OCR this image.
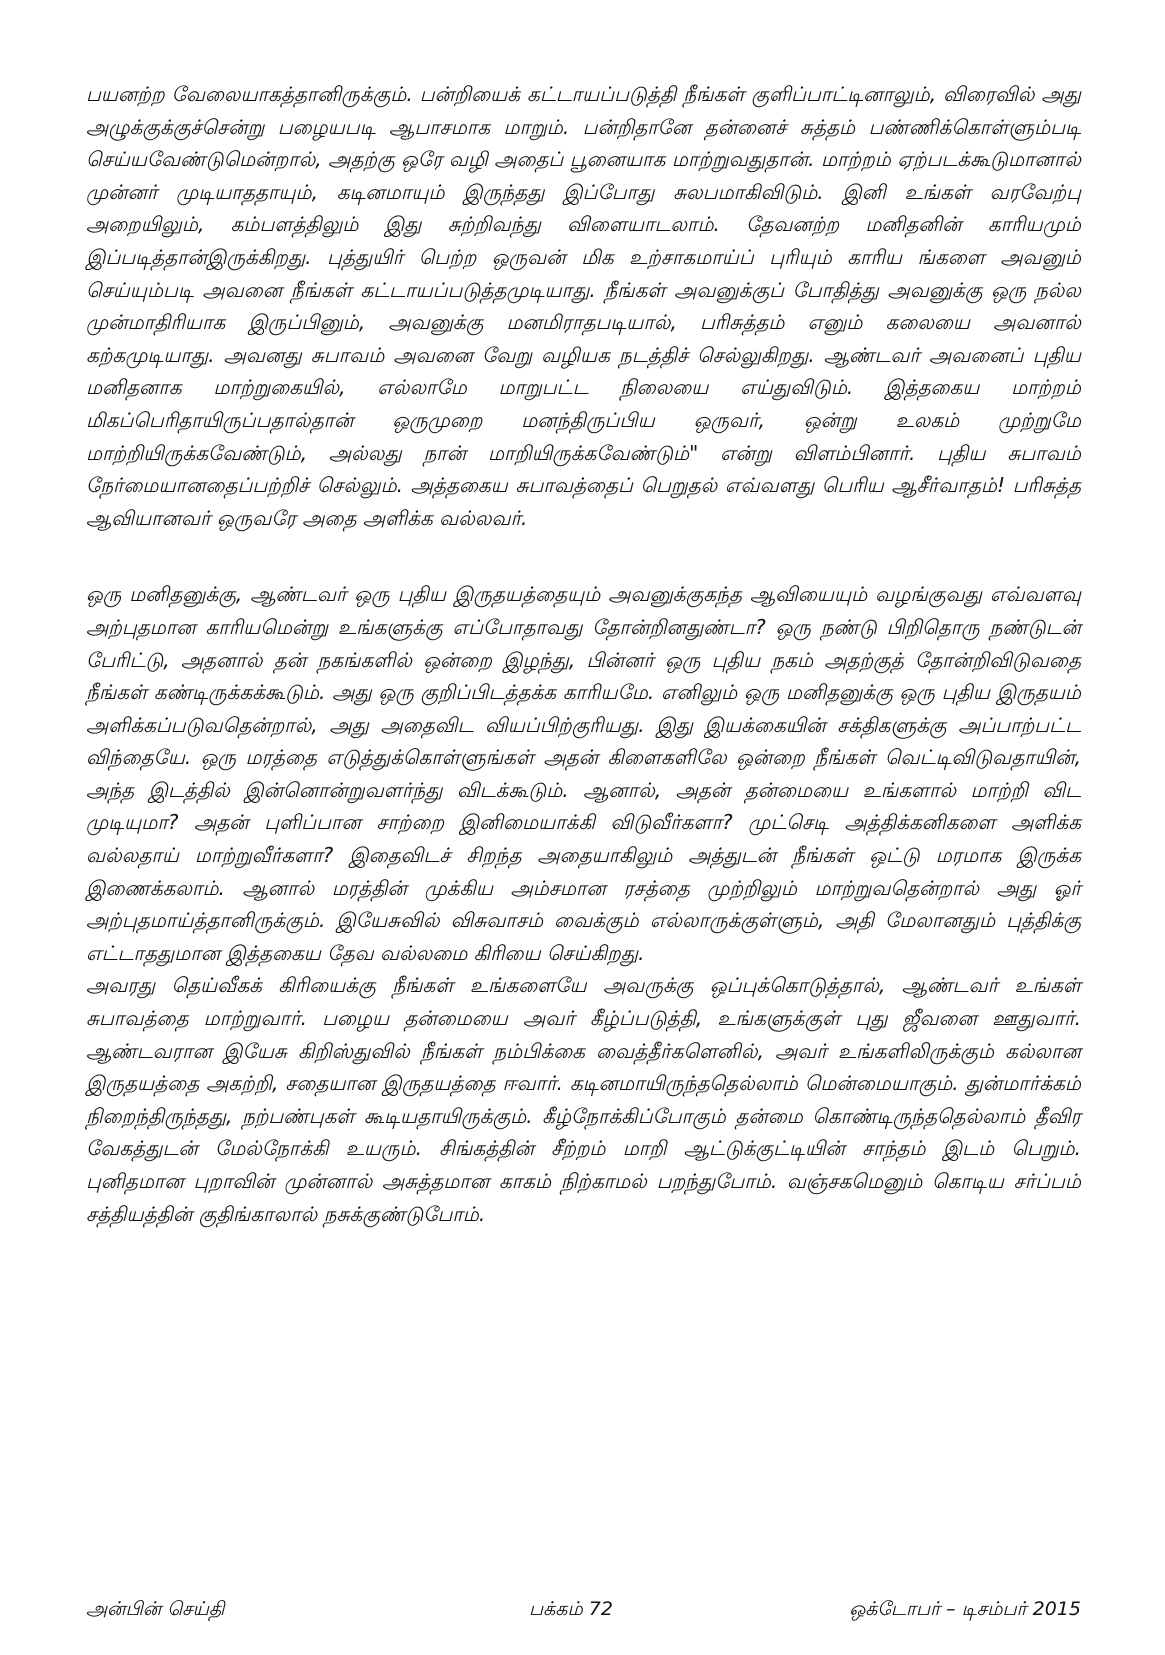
பயனற்ற வேலையாகத்தானிருக்கும். பன்றியைக் கட்டாயப்படுத்தி நீங்கள் குளிப்பாட்டினாலும், விரைவில் அது அழுக்குக்குச்சென்று பழையபடி ஆபாசமாக மாறும். பன்றிதானே தன்னைச் சுத்தம் பண்ணிக்கொள்ளும்படி செய்யவேண்டுமென்றால், அதற்கு ஒரே வழி அதைப் பூனையாக மாற்றுவதுதான். மாற்றம் ஏற்படக்கூடுமானால் முன்னர் முடியாததாயும், கடினமாயும் இருந்தது இப்போது சுலபமாகிவிடும். இனி உங்கள் வரவேற்பு அறையிலும், கம்பளத்திலும் இது சுற்றிவந்து விளையாடலாம். தேவனற்ற மனிதனின் காரியமும் இப்படித்தான்இருக்கிறது. புத்துயிர் பெற்ற ஒருவன் மிக உற்சாகமாய்ப் புரியும் காரிய ங்களை அவனும் செய்யும்படி அவனை நீங்கள் கட்டாயப்படுத்தமுடியாது. நீங்கள் அவனுக்குப் போதித்து அவனுக்கு ஒரு நல்ல முன்மாதிரியாக இருப்பினும், அவனுக்கு மனமிராதபடியால், பரிசுத்தம் எனும் கலையை அவனால் கற்கமுடியாது. அவனது சுபாவம் அவனை வேறு வழியக நடத்திச் செல்லுகிறது. ஆண்டவர் அவனைப் புதிய மனிதனாக மாற்றுகையில், எல்லாமே மாறுபட்ட நிலையை எய்துவிடும். இத்தகைய மாற்றம் மிகப்பெரிதாயிருப்பதால்தான் ஒருமுறை மனந்திருப்பிய ஒருவர், ஒன்று உலகம் முற்றுமே மாற்றியிருக்கவேண்டும், அல்லது நான் மாறியிருக்கவேண்டும்" என்று விளம்பினார். புதிய சுபாவம் நேர்மையானதைப்பற்றிச் செல்லும். அத்தகைய சுபாவத்தைப் பெறுதல் எவ்வளது பெரிய ஆசீர்வாதம்! பரிசுத்த ஆவியானவர் ஒருவரே அதை அளிக்க வல்லவர்.

ஒரு மனிதனுக்கு, ஆண்டவர் ஒரு புதிய இருதயத்தையும் அவனுக்குகந்த ஆவியையும் வழங்குவது எவ்வளவு அற்புதமான காரியமென்று உங்களுக்கு எப்போதாவது தோன்றினதுண்டா? ஒரு நண்டு பிறிதொரு நண்டுடன் பேரிட்டு, அதனால் தன் நகங்களில் ஒன்றை இழந்து, பின்னர் ஒரு புதிய நகம் அதற்குத் தோன்றிவிடுவதை நீங்கள் கண்டிருக்கக்கூடும். அது ஒரு குறிப்பிடத்தக்க காரியமே. எனிலும் ஒரு மனிதனுக்கு ஒரு புதிய இருதயம் அளிக்கப்படுவதென்றால், அது அதைவிட வியப்பிற்குரியது. இது இயக்கையின் சக்திகளுக்கு அப்பாற்பட்ட விந்தையே. ஒரு மரத்தை எடுத்துக்கொள்ளுங்கள் அதன் கிளைகளிலே ஒன்றை நீங்கள் வெட்டிவிடுவதாயின், அந்த இடத்தில் இன்னொன்றுவளர்ந்து விடக்கூடும். ஆனால், அதன் தன்மையை உங்களால் மாற்றி விட முடியுமா? அதன் புளிப்பான சாற்றை இனிமையாக்கி விடுவீர்களா? முட்செடி அத்திக்கனிகளை அளிக்க வல்லதாய் மாற்றுவீர்களா? இதைவிடச் சிறந்த அதையாகிலும் அத்துடன் நீங்கள் ஒட்டு மரமாக இருக்க இணைக்கலாம். ஆனால் மரத்தின் முக்கிய அம்சமான ரசத்தை முற்றிலும் மாற்றுவதென்றால் அது ஓர் அற்புதமாய்த்தானிருக்கும். இயேசுவில் விசுவாசம் வைக்கும் எல்லாருக்குள்ளும், அதி மேலானதும் புத்திக்கு எட்டாததுமான இத்தகைய தேவ வல்லமை கிரியை செய்கிறது.

அவரது தெய்வீகக் கிரியைக்கு நீங்கள் உங்களையே அவருக்கு ஒப்புக்கொடுத்தால், ஆண்டவர் உங்கள் சுபாவத்தை மாற்றுவார். பழைய தன்மையை அவர் கீழ்ப்படுத்தி, உங்களுக்குள் புது ஜீவனை ஊதுவார். ஆண்டவரான இயேசு கிறிஸ்துவில் நீங்கள் நம்பிக்கை வைத்தீர்களெனில், அவர் உங்களிலிருக்கும் கல்லான இருதயத்தை அகற்றி, சதையான இருதயத்தை ஈவார். கடினமாயிருந்ததெல்லாம் மென்மையாகும். துன்மார்க்கம் நிறைந்திருந்தது, நற்பண்புகள் கூடியதாயிருக்கும். கீழ்நோக்கிப்போகும் தன்மை கொண்டிருந்ததெல்லாம் தீவிர வேகத்துடன் மேல்நோக்கி உயரும். சிங்கத்தின் சீற்றம் மாறி ஆட்டுக்குட்டியின் சாந்தம் இடம் பெறும். புனிதமான புறாவின் முன்னால் அசுத்தமான காகம் நிற்காமல் பறந்துபோம். வஞ்சகமெனும் கொடிய சர்ப்பம் சத்தியத்தின் குதிங்காலால் நசுக்குண்டுபோம்.

அன்பின் செய்தி	பக்கம் 72	ஒக்டோபர் – டிசம்பர் 2015
